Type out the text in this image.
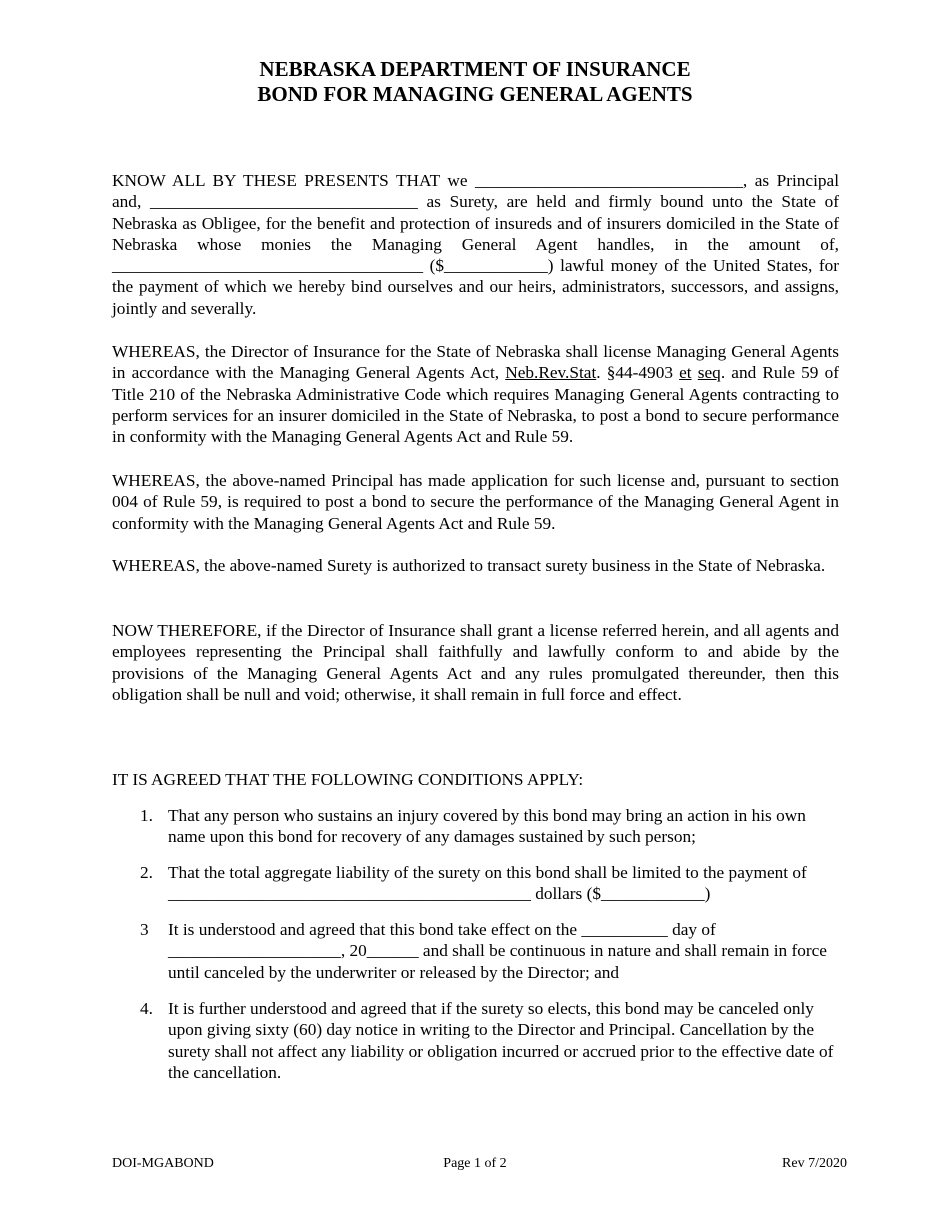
NEBRASKA DEPARTMENT OF INSURANCE
BOND FOR MANAGING GENERAL AGENTS
KNOW ALL BY THESE PRESENTS THAT we _______________________________, as Principal and, _______________________________ as Surety, are held and firmly bound unto the State of Nebraska as Obligee, for the benefit and protection of insureds and of insurers domiciled in the State of Nebraska whose monies the Managing General Agent handles, in the amount of, ____________________________________ ($____________) lawful money of the United States, for the payment of which we hereby bind ourselves and our heirs, administrators, successors, and assigns, jointly and severally.
WHEREAS, the Director of Insurance for the State of Nebraska shall license Managing General Agents in accordance with the Managing General Agents Act, Neb.Rev.Stat. §44-4903 et seq. and Rule 59 of Title 210 of the Nebraska Administrative Code which requires Managing General Agents contracting to perform services for an insurer domiciled in the State of Nebraska, to post a bond to secure performance in conformity with the Managing General Agents Act and Rule 59.
WHEREAS, the above-named Principal has made application for such license and, pursuant to section 004 of Rule 59, is required to post a bond to secure the performance of the Managing General Agent in conformity with the Managing General Agents Act and Rule 59.
WHEREAS, the above-named Surety is authorized to transact surety business in the State of Nebraska.
NOW THEREFORE, if the Director of Insurance shall grant a license referred herein, and all agents and employees representing the Principal shall faithfully and lawfully conform to and abide by the provisions of the Managing General Agents Act and any rules promulgated thereunder, then this obligation shall be null and void; otherwise, it shall remain in full force and effect.
IT IS AGREED THAT THE FOLLOWING CONDITIONS APPLY:
1. That any person who sustains an injury covered by this bond may bring an action in his own name upon this bond for recovery of any damages sustained by such person;
2. That the total aggregate liability of the surety on this bond shall be limited to the payment of __________________________________________ dollars ($____________)
3 It is understood and agreed that this bond take effect on the __________ day of ____________________, 20______ and shall be continuous in nature and shall remain in force until canceled by the underwriter or released by the Director; and
4. It is further understood and agreed that if the surety so elects, this bond may be canceled only upon giving sixty (60) day notice in writing to the Director and Principal. Cancellation by the surety shall not affect any liability or obligation incurred or accrued prior to the effective date of the cancellation.
DOI-MGABOND	Page 1 of 2	Rev 7/2020
